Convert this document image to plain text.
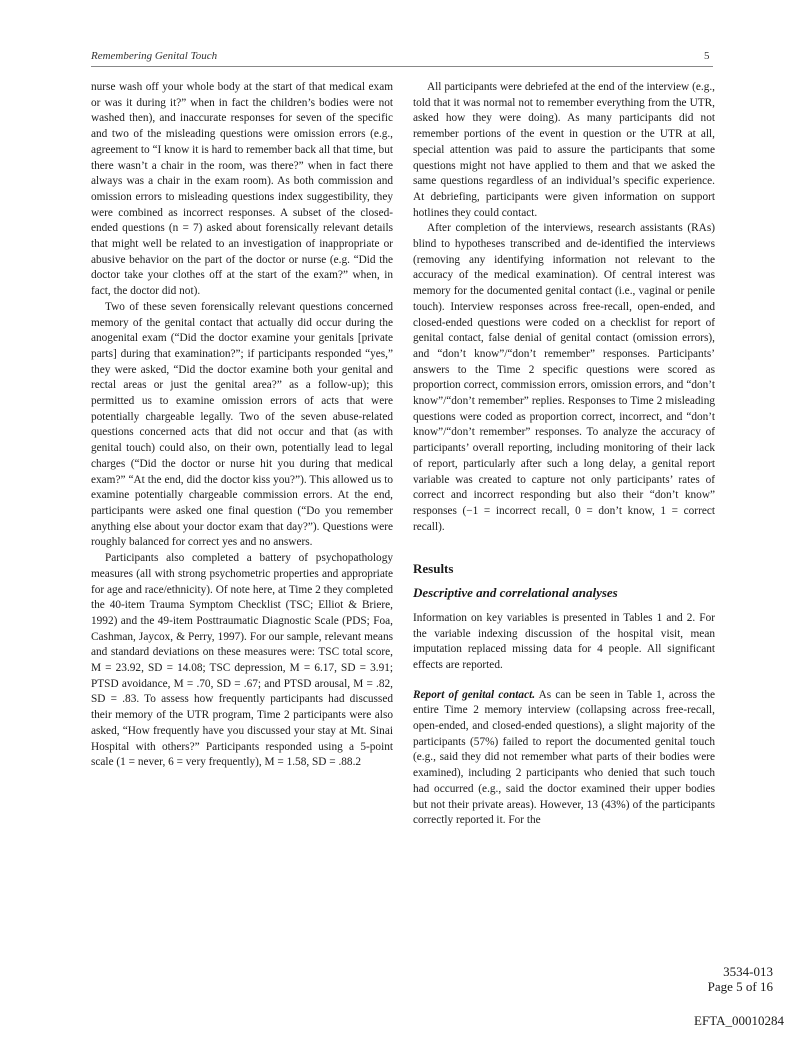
Remembering Genital Touch	5

nurse wash off your whole body at the start of that medical exam or was it during it?” when in fact the children’s bodies were not washed then), and inaccurate responses for seven of the specific and two of the misleading questions were omission errors (e.g., agreement to “I know it is hard to remember back all that time, but there wasn’t a chair in the room, was there?” when in fact there always was a chair in the exam room). As both commission and omission errors to misleading questions index suggestibility, they were combined as incorrect responses. A subset of the closed-ended questions (n = 7) asked about forensically relevant details that might well be related to an investigation of inappropriate or abusive behavior on the part of the doctor or nurse (e.g. “Did the doctor take your clothes off at the start of the exam?” when, in fact, the doctor did not).

Two of these seven forensically relevant questions concerned memory of the genital contact that actually did occur during the anogenital exam (“Did the doctor examine your genitals [private parts] during that examination?”; if participants responded “yes,” they were asked, “Did the doctor examine both your genital and rectal areas or just the genital area?” as a follow-up); this permitted us to examine omission errors of acts that were potentially chargeable legally. Two of the seven abuse-related questions concerned acts that did not occur and that (as with genital touch) could also, on their own, potentially lead to legal charges (“Did the doctor or nurse hit you during that medical exam?” “At the end, did the doctor kiss you?”). This allowed us to examine potentially chargeable commission errors. At the end, participants were asked one final question (“Do you remember anything else about your doctor exam that day?”). Questions were roughly balanced for correct yes and no answers.

Participants also completed a battery of psychopathology measures (all with strong psychometric properties and appropriate for age and race/ethnicity). Of note here, at Time 2 they completed the 40-item Trauma Symptom Checklist (TSC; Elliot & Briere, 1992) and the 49-item Posttraumatic Diagnostic Scale (PDS; Foa, Cashman, Jaycox, & Perry, 1997). For our sample, relevant means and standard deviations on these measures were: TSC total score, M = 23.92, SD = 14.08; TSC depression, M = 6.17, SD = 3.91; PTSD avoidance, M = .70, SD = .67; and PTSD arousal, M = .82, SD = .83. To assess how frequently participants had discussed their memory of the UTR program, Time 2 participants were also asked, “How frequently have you discussed your stay at Mt. Sinai Hospital with others?” Participants responded using a 5-point scale (1 = never, 6 = very frequently), M = 1.58, SD = .88.2

All participants were debriefed at the end of the interview (e.g., told that it was normal not to remember everything from the UTR, asked how they were doing). As many participants did not remember portions of the event in question or the UTR at all, special attention was paid to assure the participants that some questions might not have applied to them and that we asked the same questions regardless of an individual’s specific experience. At debriefing, participants were given information on support hotlines they could contact.

After completion of the interviews, research assistants (RAs) blind to hypotheses transcribed and de-identified the interviews (removing any identifying information not relevant to the accuracy of the medical examination). Of central interest was memory for the documented genital contact (i.e., vaginal or penile touch). Interview responses across free-recall, open-ended, and closed-ended questions were coded on a checklist for report of genital contact, false denial of genital contact (omission errors), and “don’t know”/“don’t remember” responses. Participants’ answers to the Time 2 specific questions were scored as proportion correct, commission errors, omission errors, and “don’t know”/“don’t remember” replies. Responses to Time 2 misleading questions were coded as proportion correct, incorrect, and “don’t know”/“don’t remember” responses. To analyze the accuracy of participants’ overall reporting, including monitoring of their lack of report, particularly after such a long delay, a genital report variable was created to capture not only participants’ rates of correct and incorrect responding but also their “don’t know” responses (−1 = incorrect recall, 0 = don’t know, 1 = correct recall).

Results

Descriptive and correlational analyses

Information on key variables is presented in Tables 1 and 2. For the variable indexing discussion of the hospital visit, mean imputation replaced missing data for 4 people. All significant effects are reported.

Report of genital contact. As can be seen in Table 1, across the entire Time 2 memory interview (collapsing across free-recall, open-ended, and closed-ended questions), a slight majority of the participants (57%) failed to report the documented genital touch (e.g., said they did not remember what parts of their bodies were examined), including 2 participants who denied that such touch had occurred (e.g., said the doctor examined their upper bodies but not their private areas). However, 13 (43%) of the participants correctly reported it. For the

3534-013
Page 5 of 16
EFTA_00010284
